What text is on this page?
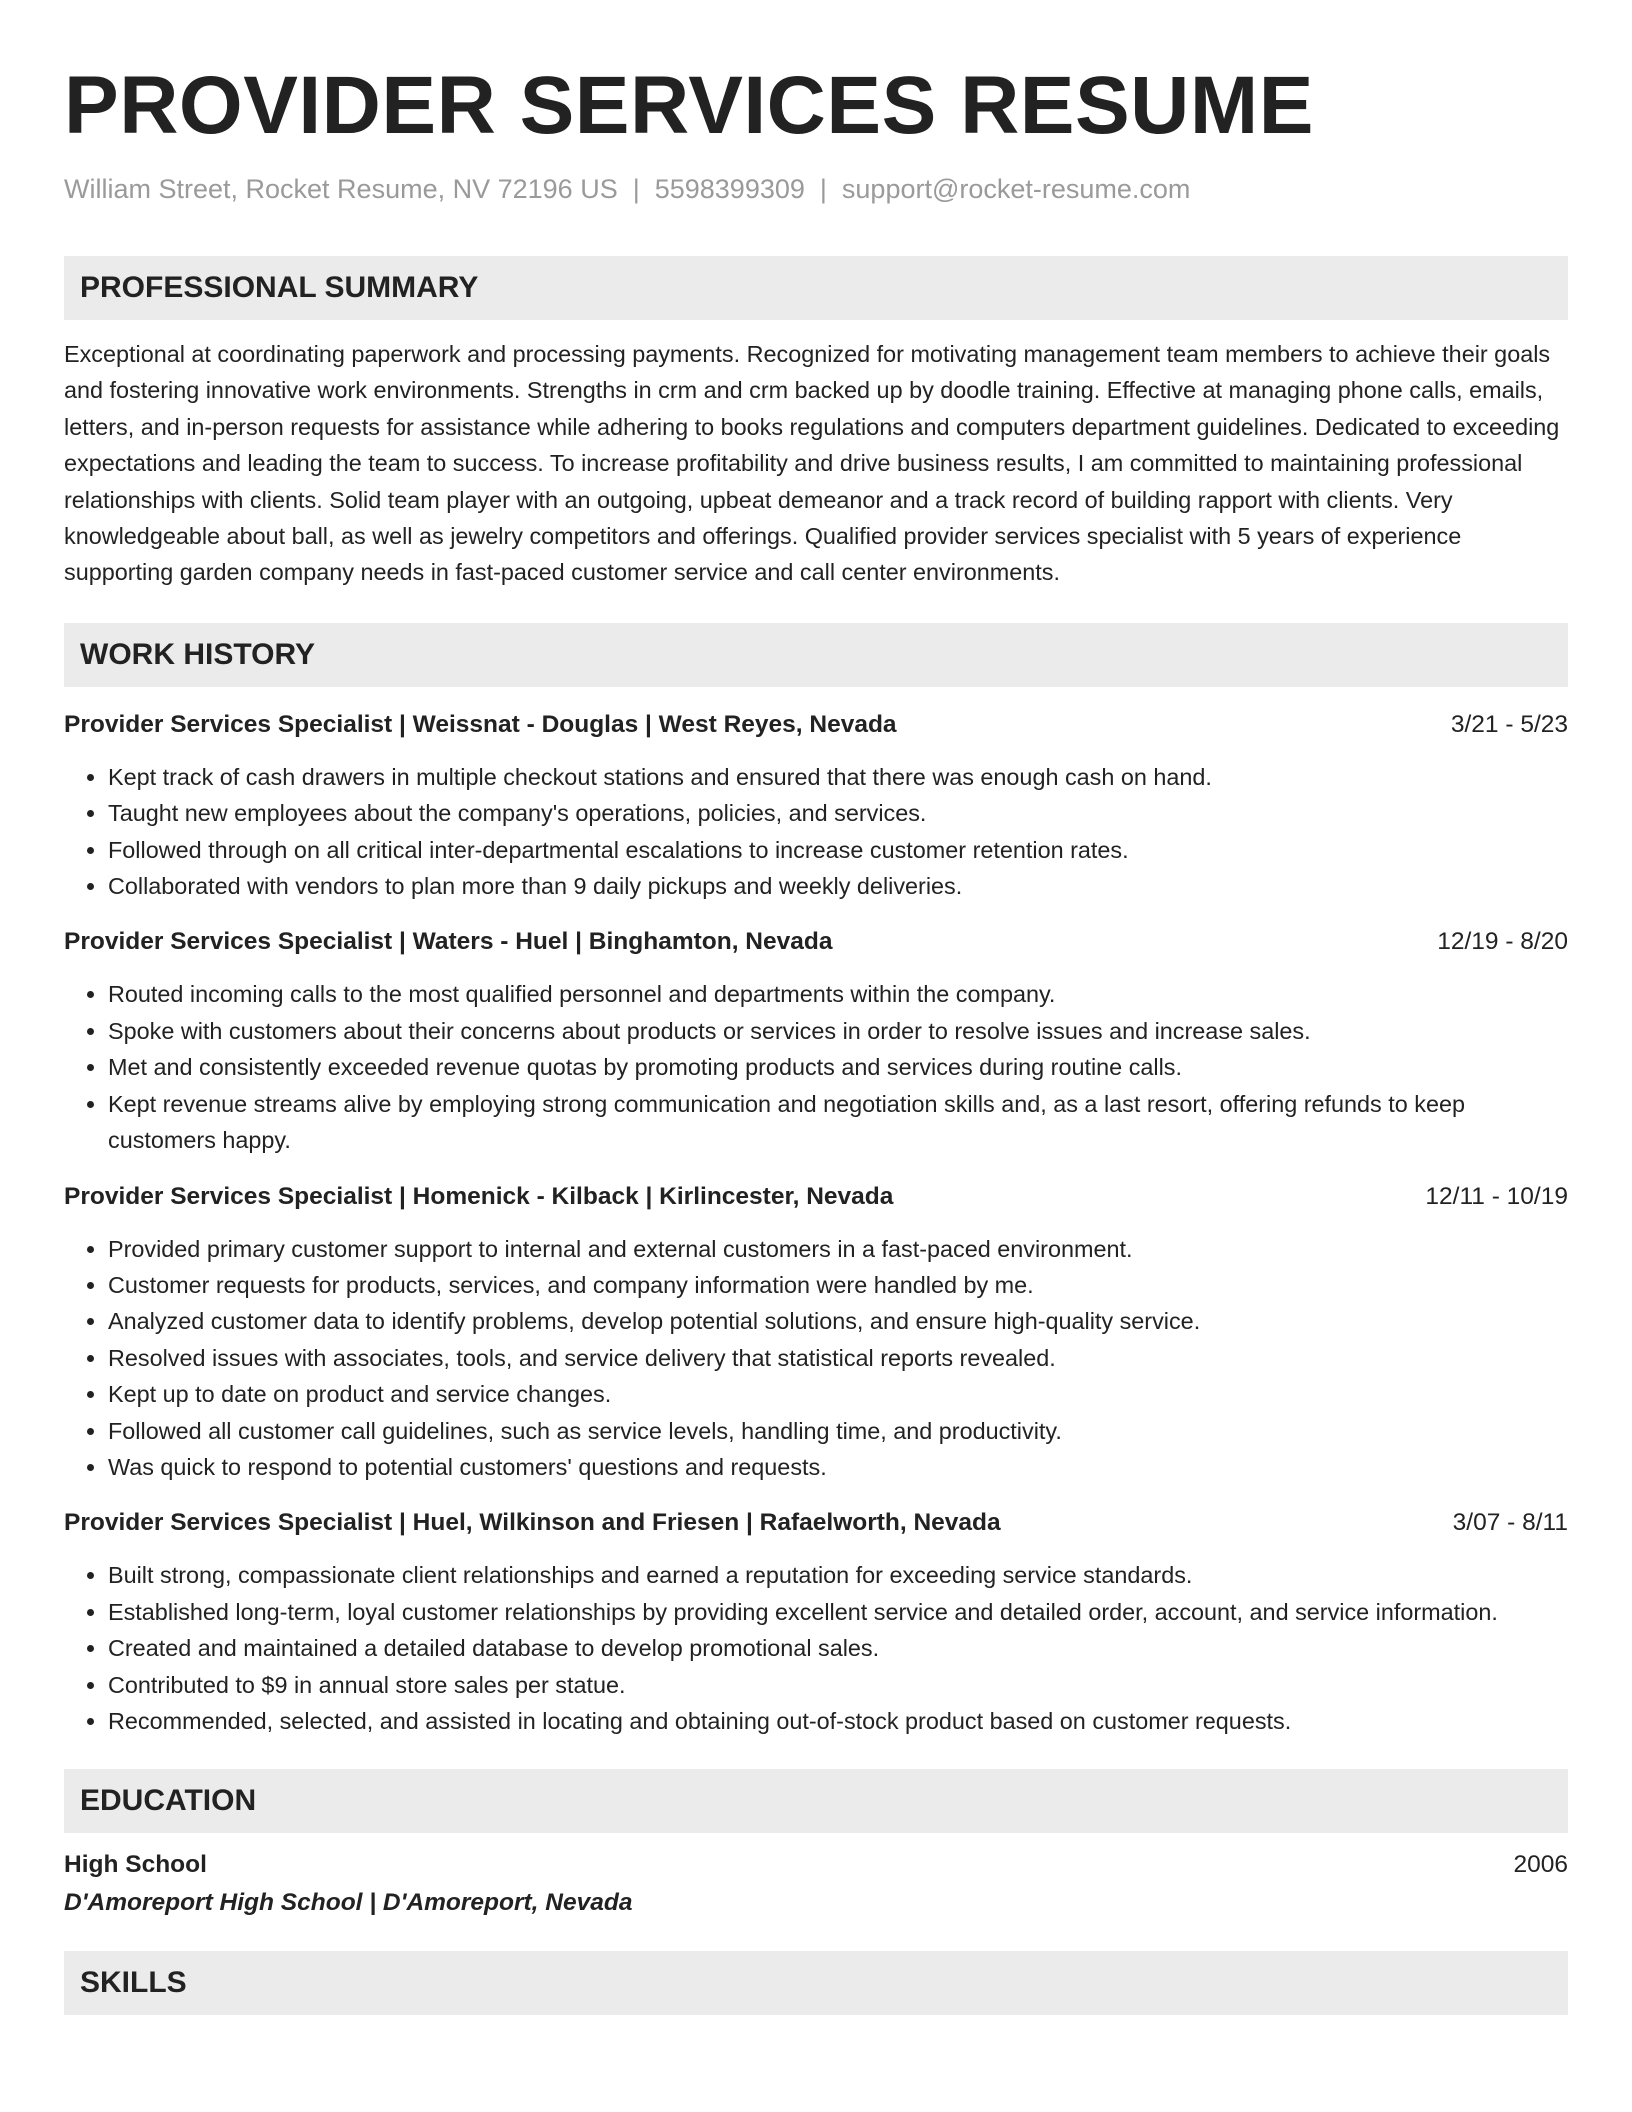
PROVIDER SERVICES RESUME
William Street, Rocket Resume, NV 72196 US | 5598399309 | support@rocket-resume.com
PROFESSIONAL SUMMARY

Exceptional at coordinating paperwork and processing payments. Recognized for motivating management team members to achieve their goals and fostering innovative work environments. Strengths in crm and crm backed up by doodle training. Effective at managing phone calls, emails, letters, and in-person requests for assistance while adhering to books regulations and computers department guidelines. Dedicated to exceeding expectations and leading the team to success. To increase profitability and drive business results, I am committed to maintaining professional relationships with clients. Solid team player with an outgoing, upbeat demeanor and a track record of building rapport with clients. Very knowledgeable about ball, as well as jewelry competitors and offerings. Qualified provider services specialist with 5 years of experience supporting garden company needs in fast-paced customer service and call center environments.

WORK HISTORY
Provider Services Specialist | Weissnat - Douglas | West Reyes, Nevada	3/21 - 5/23
• Kept track of cash drawers in multiple checkout stations and ensured that there was enough cash on hand.
• Taught new employees about the company's operations, policies, and services.
• Followed through on all critical inter-departmental escalations to increase customer retention rates.
• Collaborated with vendors to plan more than 9 daily pickups and weekly deliveries.
Provider Services Specialist | Waters - Huel | Binghamton, Nevada	12/19 - 8/20
• Routed incoming calls to the most qualified personnel and departments within the company.
• Spoke with customers about their concerns about products or services in order to resolve issues and increase sales.
• Met and consistently exceeded revenue quotas by promoting products and services during routine calls.
• Kept revenue streams alive by employing strong communication and negotiation skills and, as a last resort, offering refunds to keep customers happy.
Provider Services Specialist | Homenick - Kilback | Kirlincester, Nevada	12/11 - 10/19
• Provided primary customer support to internal and external customers in a fast-paced environment.
• Customer requests for products, services, and company information were handled by me.
• Analyzed customer data to identify problems, develop potential solutions, and ensure high-quality service.
• Resolved issues with associates, tools, and service delivery that statistical reports revealed.
• Kept up to date on product and service changes.
• Followed all customer call guidelines, such as service levels, handling time, and productivity.
• Was quick to respond to potential customers' questions and requests.
Provider Services Specialist | Huel, Wilkinson and Friesen | Rafaelworth, Nevada	3/07 - 8/11
• Built strong, compassionate client relationships and earned a reputation for exceeding service standards.
• Established long-term, loyal customer relationships by providing excellent service and detailed order, account, and service information.
• Created and maintained a detailed database to develop promotional sales.
• Contributed to $9 in annual store sales per statue.
• Recommended, selected, and assisted in locating and obtaining out-of-stock product based on customer requests.
EDUCATION
High School	2006
D'Amoreport High School | D'Amoreport, Nevada
SKILLS
